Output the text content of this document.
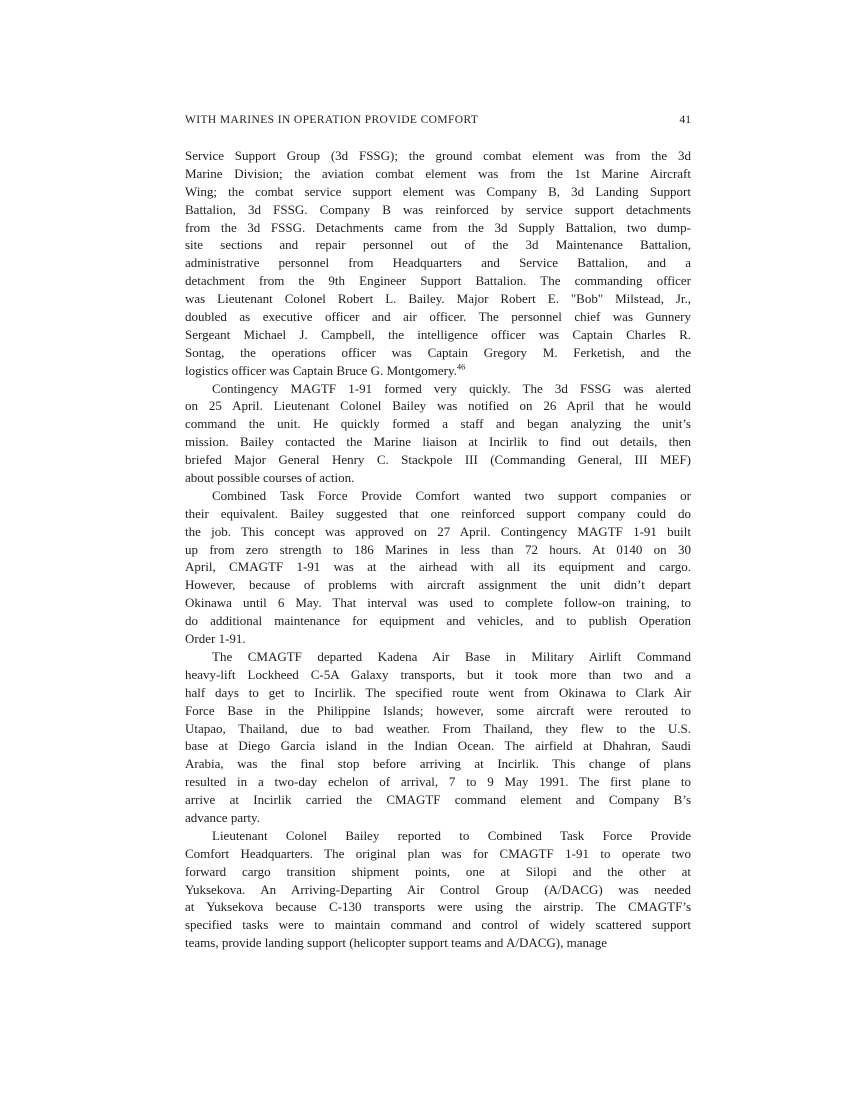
WITH MARINES IN OPERATION PROVIDE COMFORT	41
Service Support Group (3d FSSG); the ground combat element was from the 3d
Marine Division; the aviation combat element was from the 1st Marine Aircraft
Wing; the combat service support element was Company B, 3d Landing Support
Battalion, 3d FSSG. Company B was reinforced by service support detachments
from the 3d FSSG. Detachments came from the 3d Supply Battalion, two dump-
site sections and repair personnel out of the 3d Maintenance Battalion,
administrative personnel from Headquarters and Service Battalion, and a
detachment from the 9th Engineer Support Battalion. The commanding officer
was Lieutenant Colonel Robert L. Bailey. Major Robert E. "Bob" Milstead, Jr.,
doubled as executive officer and air officer. The personnel chief was Gunnery
Sergeant Michael J. Campbell, the intelligence officer was Captain Charles R.
Sontag, the operations officer was Captain Gregory M. Ferketish, and the
logistics officer was Captain Bruce G. Montgomery.$^{46}$
Contingency MAGTF 1-91 formed very quickly. The 3d FSSG was alerted
on 25 April. Lieutenant Colonel Bailey was notified on 26 April that he would
command the unit. He quickly formed a staff and began analyzing the unit’s
mission. Bailey contacted the Marine liaison at Incirlik to find out details, then
briefed Major General Henry C. Stackpole III (Commanding General, III MEF)
about possible courses of action.
Combined Task Force Provide Comfort wanted two support companies or
their equivalent. Bailey suggested that one reinforced support company could do
the job. This concept was approved on 27 April. Contingency MAGTF 1-91 built
up from zero strength to 186 Marines in less than 72 hours. At 0140 on 30
April, CMAGTF 1-91 was at the airhead with all its equipment and cargo.
However, because of problems with aircraft assignment the unit didn’t depart
Okinawa until 6 May. That interval was used to complete follow-on training, to
do additional maintenance for equipment and vehicles, and to publish Operation
Order 1-91.
The CMAGTF departed Kadena Air Base in Military Airlift Command
heavy-lift Lockheed C-5A Galaxy transports, but it took more than two and a
half days to get to Incirlik. The specified route went from Okinawa to Clark Air
Force Base in the Philippine Islands; however, some aircraft were rerouted to
Utapao, Thailand, due to bad weather. From Thailand, they flew to the U.S.
base at Diego Garcia island in the Indian Ocean. The airfield at Dhahran, Saudi
Arabia, was the final stop before arriving at Incirlik. This change of plans
resulted in a two-day echelon of arrival, 7 to 9 May 1991. The first plane to
arrive at Incirlik carried the CMAGTF command element and Company B’s
advance party.
Lieutenant Colonel Bailey reported to Combined Task Force Provide
Comfort Headquarters. The original plan was for CMAGTF 1-91 to operate two
forward cargo transition shipment points, one at Silopi and the other at
Yuksekova. An Arriving-Departing Air Control Group (A/DACG) was needed
at Yuksekova because C-130 transports were using the airstrip. The CMAGTF’s
specified tasks were to maintain command and control of widely scattered support
teams, provide landing support (helicopter support teams and A/DACG), manage
